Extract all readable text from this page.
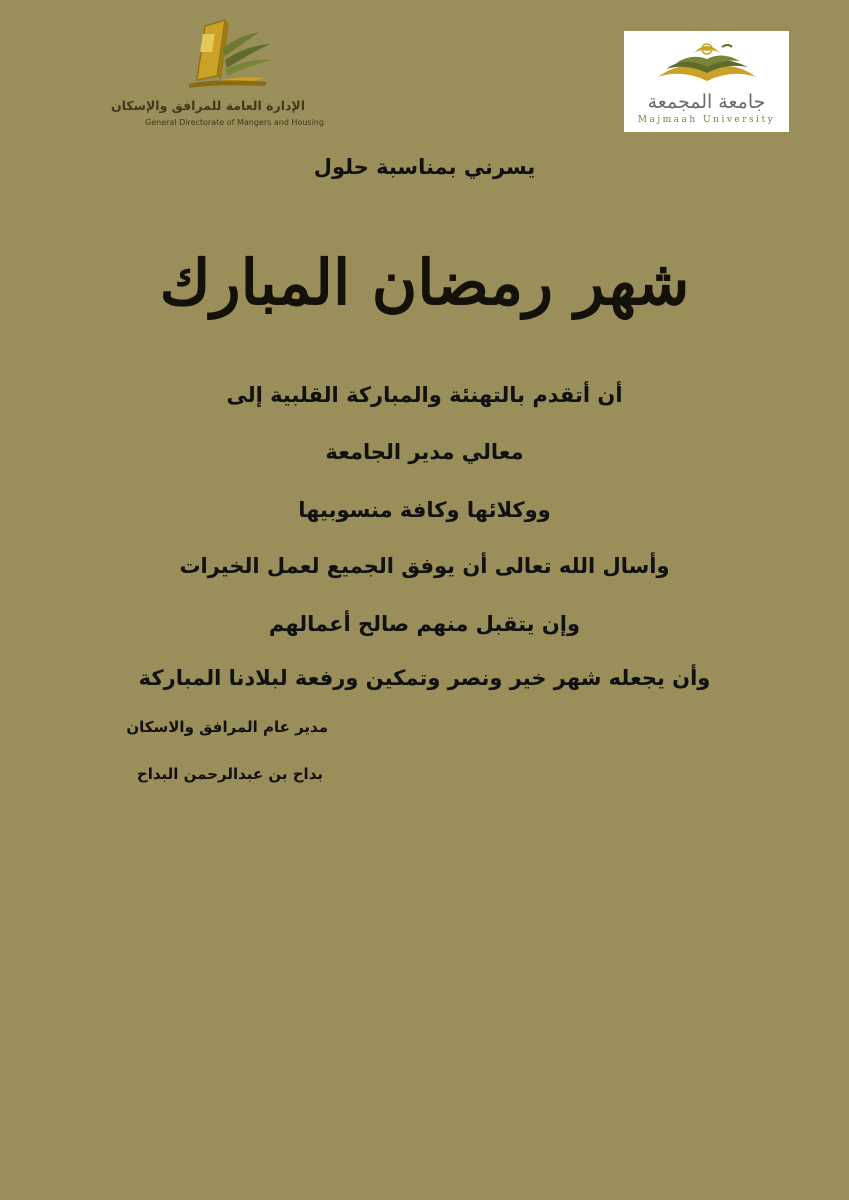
الإدارة العامة للمرافق والإسكان
General Directorate of Mangers and Housing
جامعة المجمعة
Majmaah University
يسرني بمناسبة حلول
شهر رمضان المبارك
أن أتقدم بالتهنئة والمباركة القلبية إلى
معالي مدير الجامعة
ووكلائها وكافة منسوبيها
وأسال الله تعالى أن يوفق الجميع لعمل الخيرات
وإن يتقبل منهم صالح أعمالهم
وأن يجعله شهر خير ونصر وتمكين ورفعة لبلادنا المباركة
مدير عام المرافق والاسكان
بداح بن عبدالرحمن البداح
